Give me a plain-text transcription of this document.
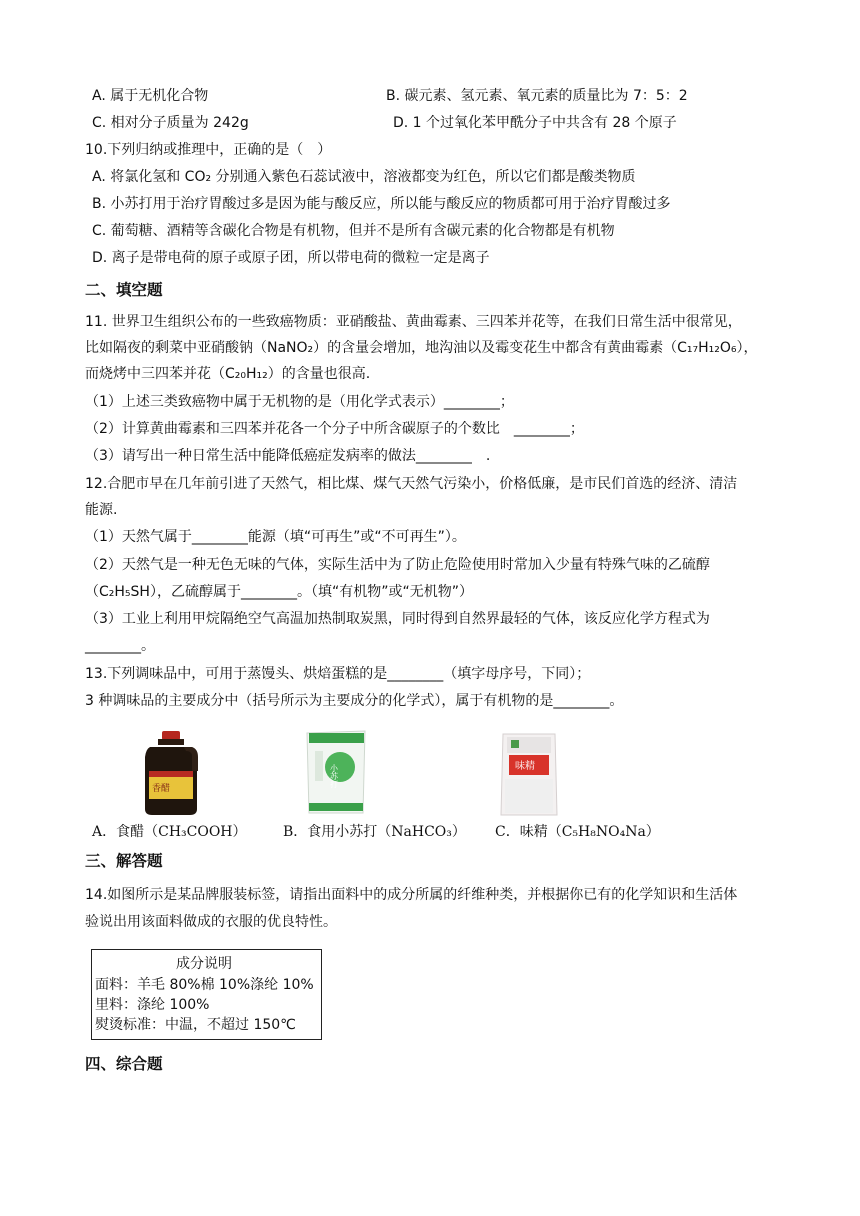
A. 属于无机化合物	B. 碳元素、氢元素、氧元素的质量比为 7：5：2
C. 相对分子质量为 242g	D. 1 个过氧化苯甲酰分子中共含有 28 个原子
10.下列归纳或推理中，正确的是（　）
A. 将氯化氢和 CO₂ 分别通入紫色石蕊试液中，溶液都变为红色，所以它们都是酸类物质
B. 小苏打用于治疗胃酸过多是因为能与酸反应，所以能与酸反应的物质都可用于治疗胃酸过多
C. 葡萄糖、酒精等含碳化合物是有机物，但并不是所有含碳元素的化合物都是有机物
D. 离子是带电荷的原子或原子团，所以带电荷的微粒一定是离子
二、填空题
11. 世界卫生组织公布的一些致癌物质：亚硝酸盐、黄曲霉素、三四苯并花等，在我们日常生活中很常见，
比如隔夜的剩菜中亚硝酸钠（NaNO₂）的含量会增加，地沟油以及霉变花生中都含有黄曲霉素（C₁₇H₁₂O₆），
而烧烤中三四苯并花（C₂₀H₁₂）的含量也很高.
（1）上述三类致癌物中属于无机物的是（用化学式表示）________；
（2）计算黄曲霉素和三四苯并花各一个分子中所含碳原子的个数比　________；
（3）请写出一种日常生活中能降低癌症发病率的做法________　.
12.合肥市早在几年前引进了天然气，相比煤、煤气天然气污染小，价格低廉，是市民们首选的经济、清洁
能源.
（1）天然气属于________能源（填“可再生”或“不可再生”）。
（2）天然气是一种无色无味的气体，实际生活中为了防止危险使用时常加入少量有特殊气味的乙硫醇
（C₂H₅SH），乙硫醇属于________。（填“有机物”或“无机物”）
（3）工业上利用甲烷隔绝空气高温加热制取炭黑，同时得到自然界最轻的气体，该反应化学方程式为
________。
13.下列调味品中，可用于蒸馒头、烘焙蛋糕的是________（填字母序号，下同）；
3 种调味品的主要成分中（括号所示为主要成分的化学式），属于有机物的是________。
香醋
小苏打	味精
A．食醋（CH₃COOH）	B．食用小苏打（NaHCO₃） C．味精（C₅H₈NO₄Na）
三、解答题
14.如图所示是某品牌服装标签，请指出面料中的成分所属的纤维种类，并根据你已有的化学知识和生活体
验说出用该面料做成的衣服的优良特性。
成分说明
面料：羊毛 80%棉 10%涤纶 10%
里料：涤纶 100%
熨烫标准：中温，不超过 150℃
四、综合题
